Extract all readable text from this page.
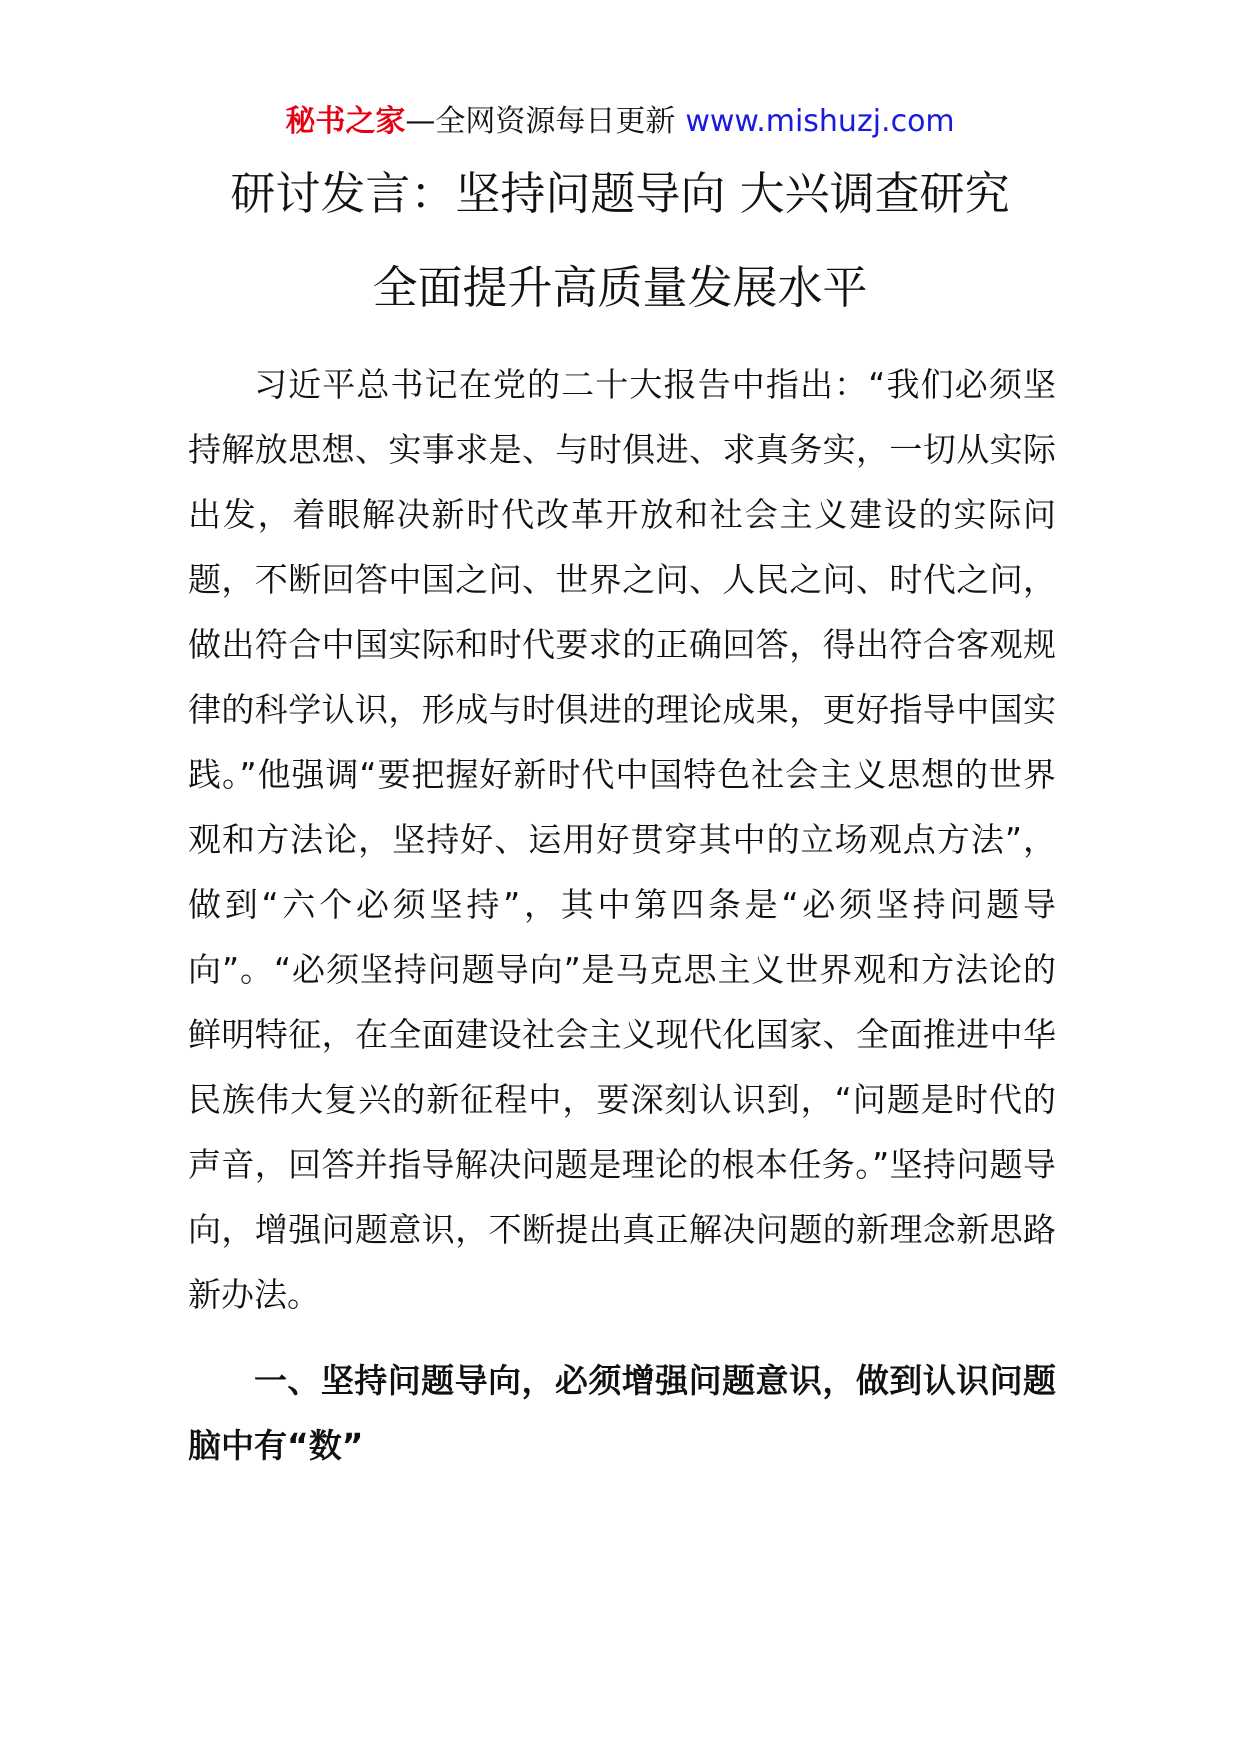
秘书之家—全网资源每日更新 www.mishuzj.com
研讨发言：坚持问题导向 大兴调查研究
全面提升高质量发展水平

习近平总书记在党的二十大报告中指出：“我们必须坚持解放思想、实事求是、与时俱进、求真务实，一切从实际出发，着眼解决新时代改革开放和社会主义建设的实际问题，不断回答中国之问、世界之问、人民之问、时代之问，做出符合中国实际和时代要求的正确回答，得出符合客观规律的科学认识，形成与时俱进的理论成果，更好指导中国实践。”他强调“要把握好新时代中国特色社会主义思想的世界观和方法论，坚持好、运用好贯穿其中的立场观点方法”，做到“六个必须坚持”，其中第四条是“必须坚持问题导向”。“必须坚持问题导向”是马克思主义世界观和方法论的鲜明特征，在全面建设社会主义现代化国家、全面推进中华民族伟大复兴的新征程中，要深刻认识到，“问题是时代的声音，回答并指导解决问题是理论的根本任务。”坚持问题导向，增强问题意识，不断提出真正解决问题的新理念新思路新办法。

一、坚持问题导向，必须增强问题意识，做到认识问题脑中有“数”
